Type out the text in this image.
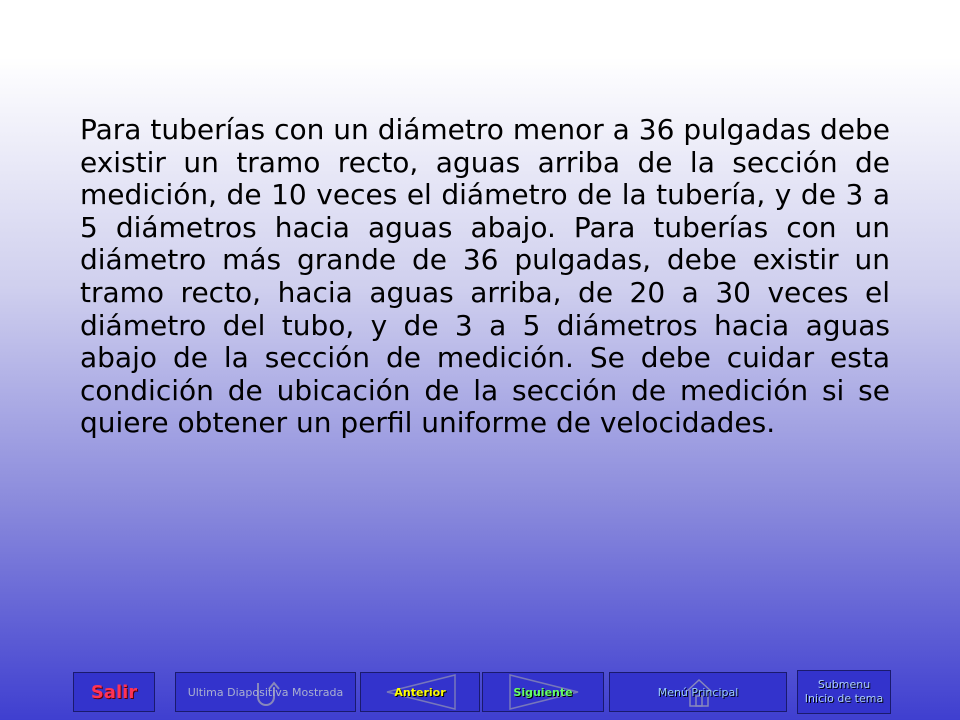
Para tuberías con un diámetro menor a 36 pulgadas debe existir un tramo recto, aguas arriba de la sección de medición, de 10 veces el diámetro de la tubería, y de 3 a 5 diámetros hacia aguas abajo. Para tuberías con un diámetro más grande de 36 pulgadas, debe existir un tramo recto, hacia aguas arriba, de 20 a 30 veces el diámetro del tubo, y de 3 a 5 diámetros hacia aguas abajo de la sección de medición. Se debe cuidar esta condición de ubicación de la sección de medición si se quiere obtener un perfil uniforme de velocidades.

Salir	Ultima Diapositiva Mostrada	Anterior	Siguiente	Menú Principal
Submenu
Inicio de tema
